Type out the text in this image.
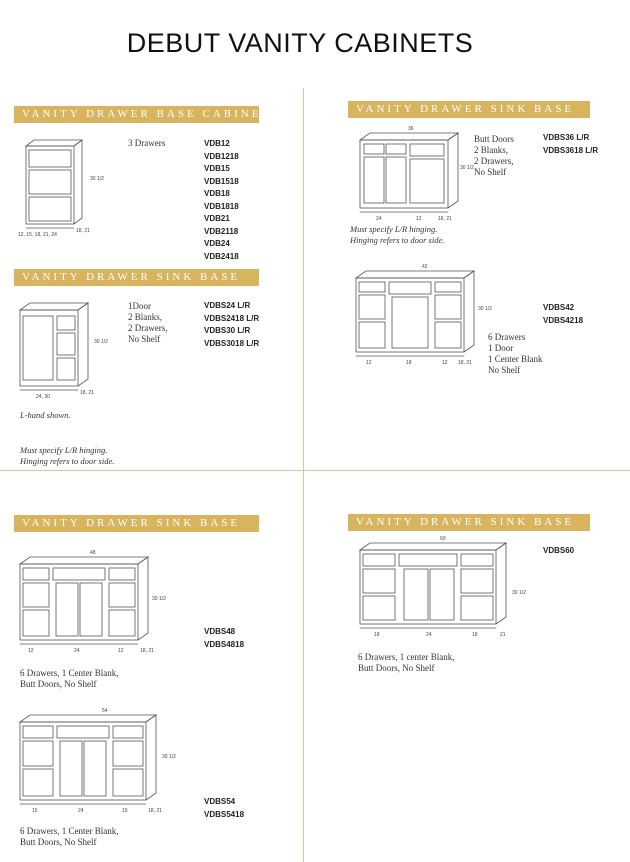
DEBUT VANITY CABINETS
VANITY DRAWER BASE CABINETS
30 1/2
12, 15, 18, 21, 24
18, 21
3 Drawers	VDB12
VDB1218
VDB15
VDB1518
VDB18
VDB1818
VDB21
VDB2118
VDB24
VDB2418
VANITY DRAWER SINK BASE
30 1/2
24, 30
18, 21
1Door
2 Blanks,
2 Drawers,
No Shelf
VDBS24 L/R
VDBS2418 L/R
VDBS30 L/R
VDBS3018 L/R
L-hand shown.
Must specify L/R hinging.
Hinging refers to door side.
VANITY DRAWER SINK BASE
36
30 1/2
24	12	18, 21
Butt Doors
2 Blanks,
2 Drawers,
No Shelf
VDBS36 L/R
VDBS3618 L/R
Must specify L/R hinging.
Hinging refers to door side.
42
30 1/2
12	18	12 18, 21
VDBS42
VDBS4218
6 Drawers
1 Door
1 Center Blank
No Shelf
VANITY DRAWER SINK BASE
48
30 1/2
12	24	12	18, 21
VDBS48
VDBS4818
6 Drawers, 1 Center Blank,
Butt Doors, No Shelf
54
30 1/2
15	24	15	18, 21
VDBS54
VDBS5418
6 Drawers, 1 Center Blank,
Butt Doors, No Shelf
VANITY DRAWER SINK BASE
60
30 1/2
18	24	18	21
VDBS60
6 Drawers, 1 center Blank,
Butt Doors, No Shelf
